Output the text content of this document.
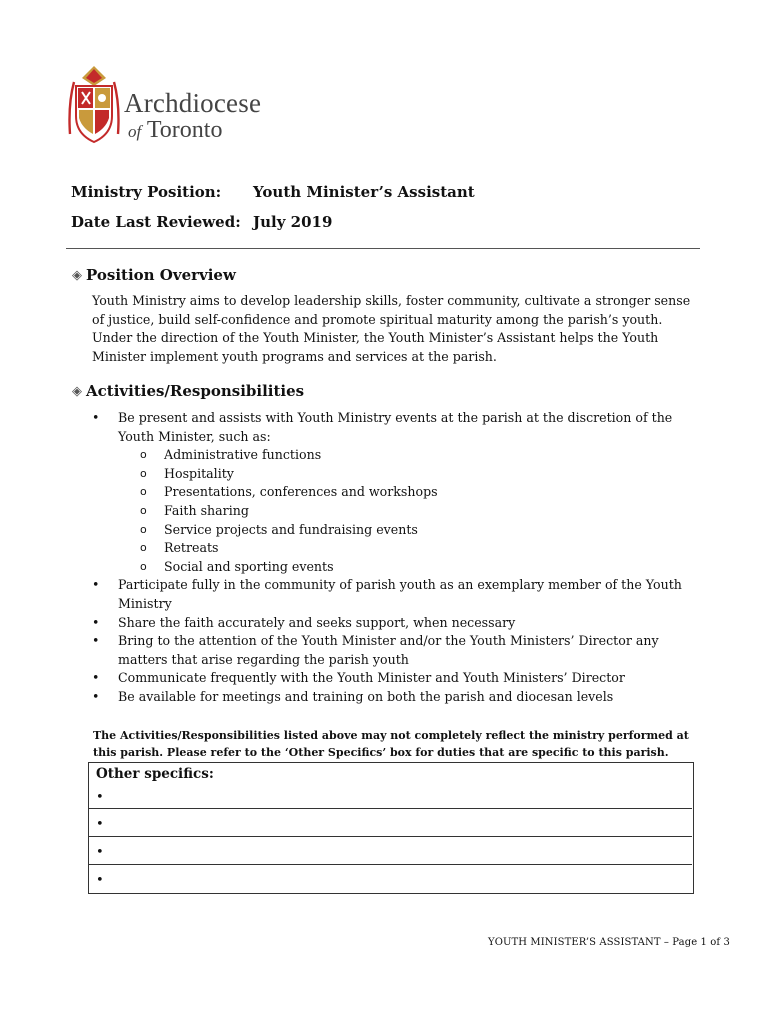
Archdiocese
of Toronto
Ministry Position: Youth Minister’s Assistant
Date Last Reviewed: July 2019
◈ Position Overview
Youth Ministry aims to develop leadership skills, foster community, cultivate a stronger sense of justice, build self-confidence and promote spiritual maturity among the parish’s youth. Under the direction of the Youth Minister, the Youth Minister’s Assistant helps the Youth Minister implement youth programs and services at the parish.
◈ Activities/Responsibilities
•	Be present and assists with Youth Ministry events at the parish at the discretion of the Youth Minister, such as:
o Administrative functions
o Hospitality
o Presentations, conferences and workshops
o Faith sharing
o Service projects and fundraising events
o Retreats
o Social and sporting events
•	Participate fully in the community of parish youth as an exemplary member of the Youth Ministry
•	Share the faith accurately and seeks support, when necessary
•	Bring to the attention of the Youth Minister and/or the Youth Ministers’ Director any matters that arise regarding the parish youth
•	Communicate frequently with the Youth Minister and Youth Ministers’ Director
•	Be available for meetings and training on both the parish and diocesan levels
The Activities/Responsibilities listed above may not completely reflect the ministry performed at this parish. Please refer to the ‘Other Specifics’ box for duties that are specific to this parish.
Other specifics:
•
•
•
•
YOUTH MINISTER’S ASSISTANT – Page 1 of 3
